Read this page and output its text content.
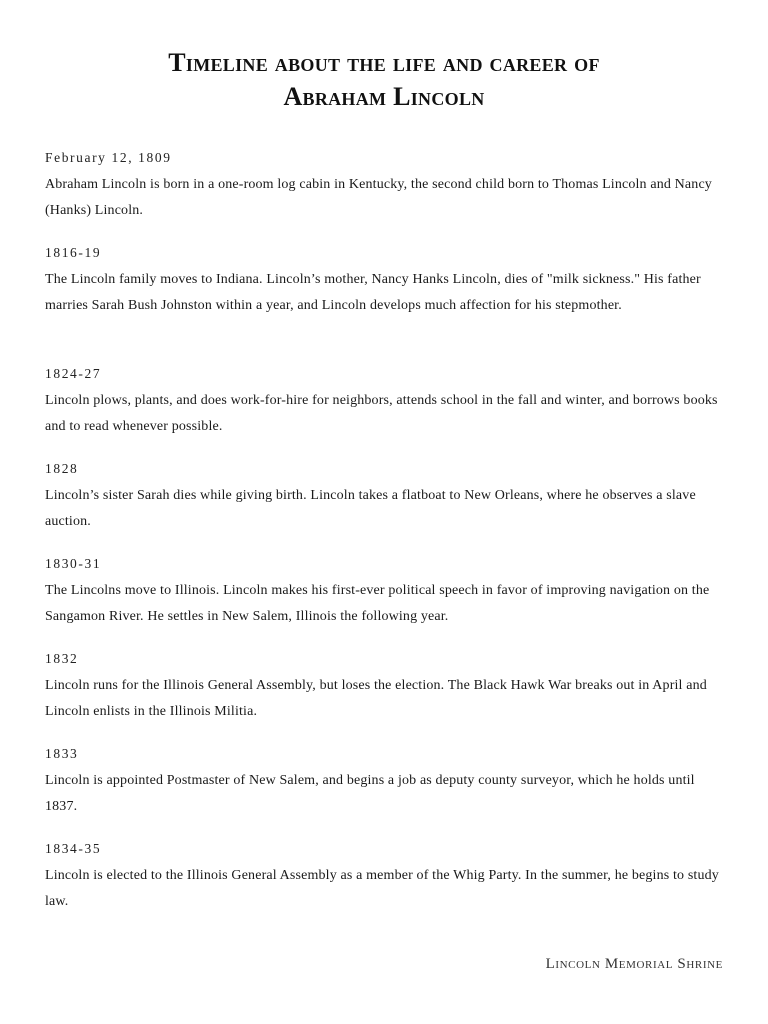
Timeline about the life and career of
Abraham Lincoln
February 12, 1809

Abraham Lincoln is born in a one-room log cabin in Kentucky, the second child born to Thomas Lincoln and Nancy (Hanks) Lincoln.

1816-19

The Lincoln family moves to Indiana. Lincoln’s mother, Nancy Hanks Lincoln, dies of "milk sickness." His father marries Sarah Bush Johnston within a year, and Lincoln develops much affection for his stepmother.

1824-27

Lincoln plows, plants, and does work-for-hire for neighbors, attends school in the fall and winter, and borrows books and to read whenever possible.

1828

Lincoln’s sister Sarah dies while giving birth. Lincoln takes a flatboat to New Orleans, where he observes a slave auction.

1830-31

The Lincolns move to Illinois. Lincoln makes his first-ever political speech in favor of improving navigation on the Sangamon River. He settles in New Salem, Illinois the following year.

1832

Lincoln runs for the Illinois General Assembly, but loses the election. The Black Hawk War breaks out in April and Lincoln enlists in the Illinois Militia.

1833

Lincoln is appointed Postmaster of New Salem, and begins a job as deputy county surveyor, which he holds until 1837.

1834-35

Lincoln is elected to the Illinois General Assembly as a member of the Whig Party. In the summer, he begins to study law.

Lincoln Memorial Shrine
